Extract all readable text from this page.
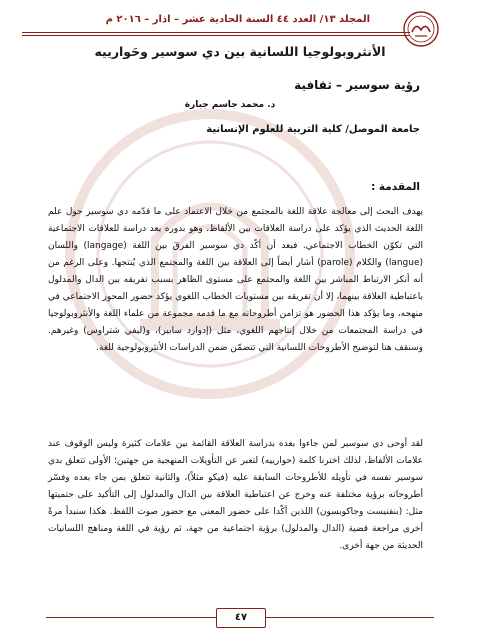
المجلد ١٣/ العدد ٤٤ السنة الحادية عشر – اذار – ٢٠١٦ م
الأنثروبولوجيا اللسانية بين دي سوسير وحَوارييه
رؤية سوسير – ثقافية
د. محمد جاسم جبارة
جامعة الموصل/ كلية التربية للعلوم الإنسانية
المقدمة :

يهدف البحث إلى معالجة علاقة اللغة بالمجتمع من خلال الاعتماد على ما قدّمه دي سوسير حول علم اللغة الحديث الذي يؤكد على دراسة العلاقات بين الألفاظ، وهو بدوره يعد دراسة للعلاقات الاجتماعية التي تكوّن الخطاب الاجتماعي. فبعد أن أكّد دي سوسير الفرقَ بين اللغة (langage) واللسان (langue) والكلام (parole) أشار أيضاً إلى العلاقة بين اللغة والمجتمع الذي يُنتجها. وعلى الرغم من أنه أنكر الارتباط المباشر بين اللغة والمجتمع على مستوى الظاهر بسبب تفريقه بين الدال والمدلول باعتباطية العلاقة بينهما، إلا أن تفريقه بين مستويات الخطاب اللغوي يؤكد حضور المحور الاجتماعي في منهجه، وما يؤكد هذا الحضور هو تزامن أطروحاته مع ما قدمه مجموعة من علماء اللغة والأنثروبولوجيا في دراسة المجتمعات من خلال إنتاجهم اللغوي، مثل (إدوارد سابير)، و(ليفي شتراوس) وغيرهم. وسنقف هنا لتوضيح الأطروحات اللسانية التي تتضمّن ضمن الدراسات الأنثروبولوجية للغة.

لقد أوحى دي سوسير لمن جاءوا بعده بدراسة العلاقة القائمة بين علامات كثيرة وليس الوقوف عند علامات الألفاظ، لذلك اخترنا كلمة (حوارييه) لتعبر عن التأويلات المنهجية من جهتين؛ الأولى تتعلق بدي سوسير نفسه في تأويله للأطروحات السابقة عليه (فيكو مثلاً)، والثانية تتعلق بمن جاء بعده وفسّر أطروحاته برؤية مختلفة عنه وخرج عن اعتباطية العلاقة بين الدال والمدلول إلى التأكيد على حتميتها مثل: (بنفنيست وجاكوبسون) اللذين أكّدا على حضور المعنى مع حضور صوت اللفظ. هكذا سنبدأ مرةً أخرى مراجعة قضية (الدال والمدلول) برؤية اجتماعية من جهة، ثم رؤية في اللغة ومناهج اللسانيات الحديثة من جهة أخرى.

٤٧
